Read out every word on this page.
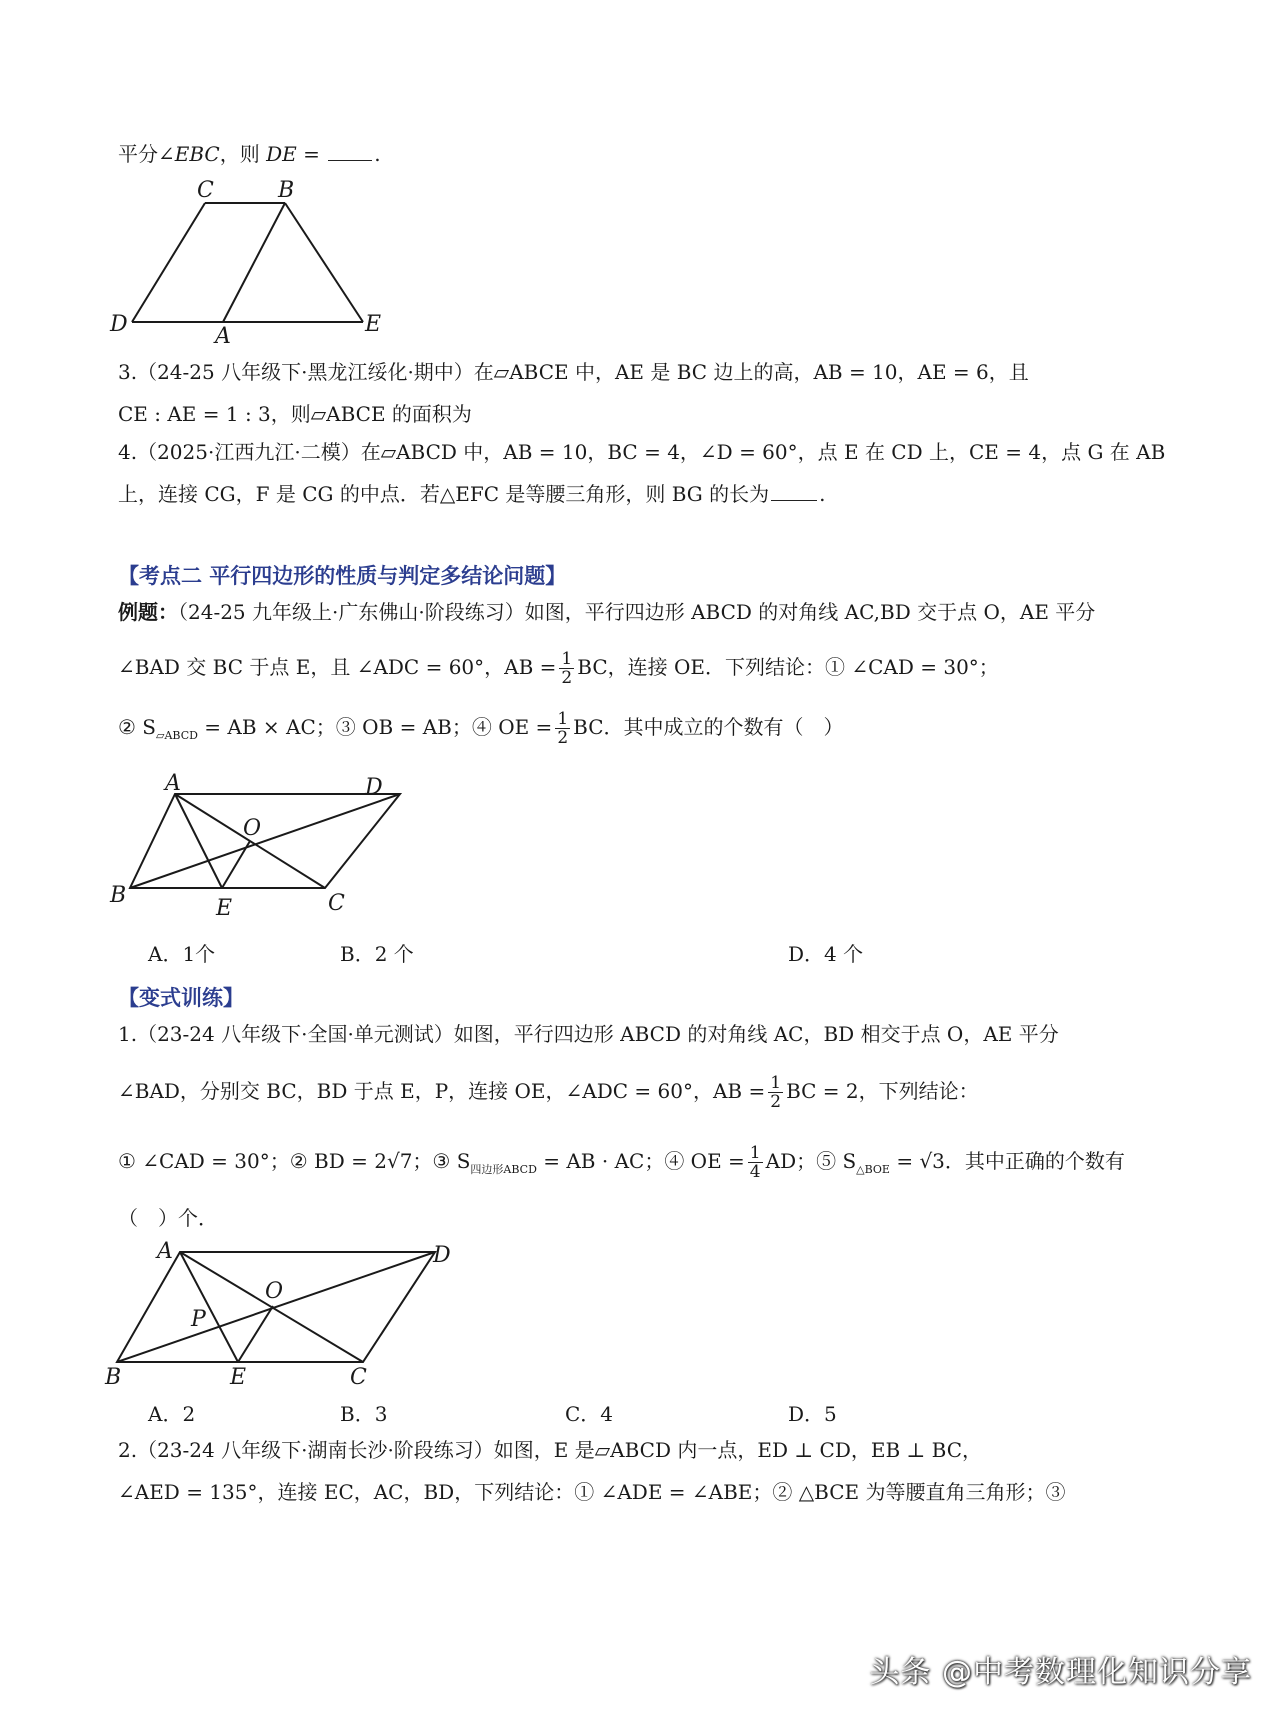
平分∠EBC，则 DE = .
C	B
D	A	E
3.（24-25 八年级下·黑龙江绥化·期中）在▱ABCE 中，AE 是 BC 边上的高，AB = 10，AE = 6，且
CE : AE = 1 : 3，则▱ABCE 的面积为
4.（2025·江西九江·二模）在▱ABCD 中，AB = 10，BC = 4，∠D = 60°，点 E 在 CD 上，CE = 4，点 G 在 AB
上，连接 CG，F 是 CG 的中点．若△EFC 是等腰三角形，则 BG 的长为	.
【考点二 平行四边形的性质与判定多结论问题】
例题：（24-25 九年级上·广东佛山·阶段练习）如图，平行四边形 ABCD 的对角线 AC,BD 交于点 O，AE 平分
∠BAD 交 BC 于点 E，且 ∠ADC = 60°，AB = $\frac{1}{2}$ BC，连接 OE．下列结论：① ∠CAD = 30°；
② $S_{▱ABCD}$ = AB × AC；③ OB = AB；④ OE = $\frac{1}{2}$ BC．其中成立的个数有（　）
A	D
O
B
E	C
A．1个	B．2 个	D．4 个
【变式训练】
1.（23-24 八年级下·全国·单元测试）如图，平行四边形 ABCD 的对角线 AC，BD 相交于点 O，AE 平分
∠BAD，分别交 BC，BD 于点 E，P，连接 OE，∠ADC = 60°，AB = $\frac{1}{2}$ BC = 2，下列结论：
① ∠CAD = 30°；② BD = 2√7；③ $S_{四边形ABCD}$ = AB · AC；④ OE = $\frac{1}{4}$ AD；⑤ $S_{\triangle BOE} = √3$．其中正确的个数有
（　）个．
A	D
O
P
B	E	C
A．2	B．3	C．4	D．5
2.（23-24 八年级下·湖南长沙·阶段练习）如图，E 是▱ABCD 内一点，ED ⊥ CD，EB ⊥ BC，
∠AED = 135°，连接 EC，AC，BD，下列结论：① ∠ADE = ∠ABE；② △BCE 为等腰直角三角形；③
头条 @中考数理化知识分享
